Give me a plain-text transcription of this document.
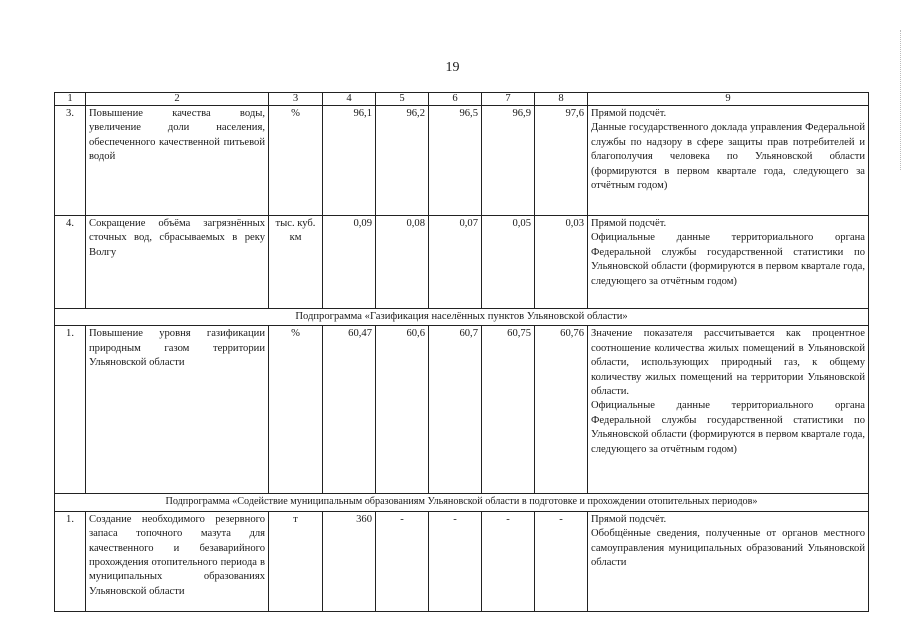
19
1	2	3	4	5	6	7	8	9
3.	Повышение качества воды, увеличение доли населения, обеспеченного качественной питьевой водой	%	96,1	96,2	96,5	96,9	97,6	Прямой подсчёт.
Данные государственного доклада управления Федеральной службы по надзору в сфере защиты прав потребителей и благополучия человека по Ульяновской области (формируются в первом квартале года, следующего за отчётным годом)
4.	Сокращение объёма загрязнённых сточных вод, сбрасываемых в реку Волгу	тыс. куб. км	0,09	0,08	0,07	0,05	0,03	Прямой подсчёт.
Официальные данные территориального органа Федеральной службы государственной статистики по Ульяновской области (формируются в первом квартале года, следующего за отчётным годом)
Подпрограмма «Газификация населённых пунктов Ульяновской области»								
1.	Повышение уровня газификации природным газом территории Ульяновской области	%	60,47	60,6	60,7	60,75	60,76	Значение показателя рассчитывается как процентное соотношение количества жилых помещений в Ульяновской области, использующих природный газ, к общему количеству жилых помещений на территории Ульяновской области.
Официальные данные территориального органа Федеральной службы государственной статистики по Ульяновской области (формируются в первом квартале года, следующего за отчётным годом)
Подпрограмма «Содействие муниципальным образованиям Ульяновской области в подготовке и прохождении отопительных периодов»								
1.	Создание необходимого резервного запаса топочного мазута для качественного и безаварийного прохождения отопительного периода в муниципальных образованиях Ульяновской области	т	360	-	-	-	-	Прямой подсчёт.
Обобщённые сведения, полученные от органов местного самоуправления муниципальных образований Ульяновской области
